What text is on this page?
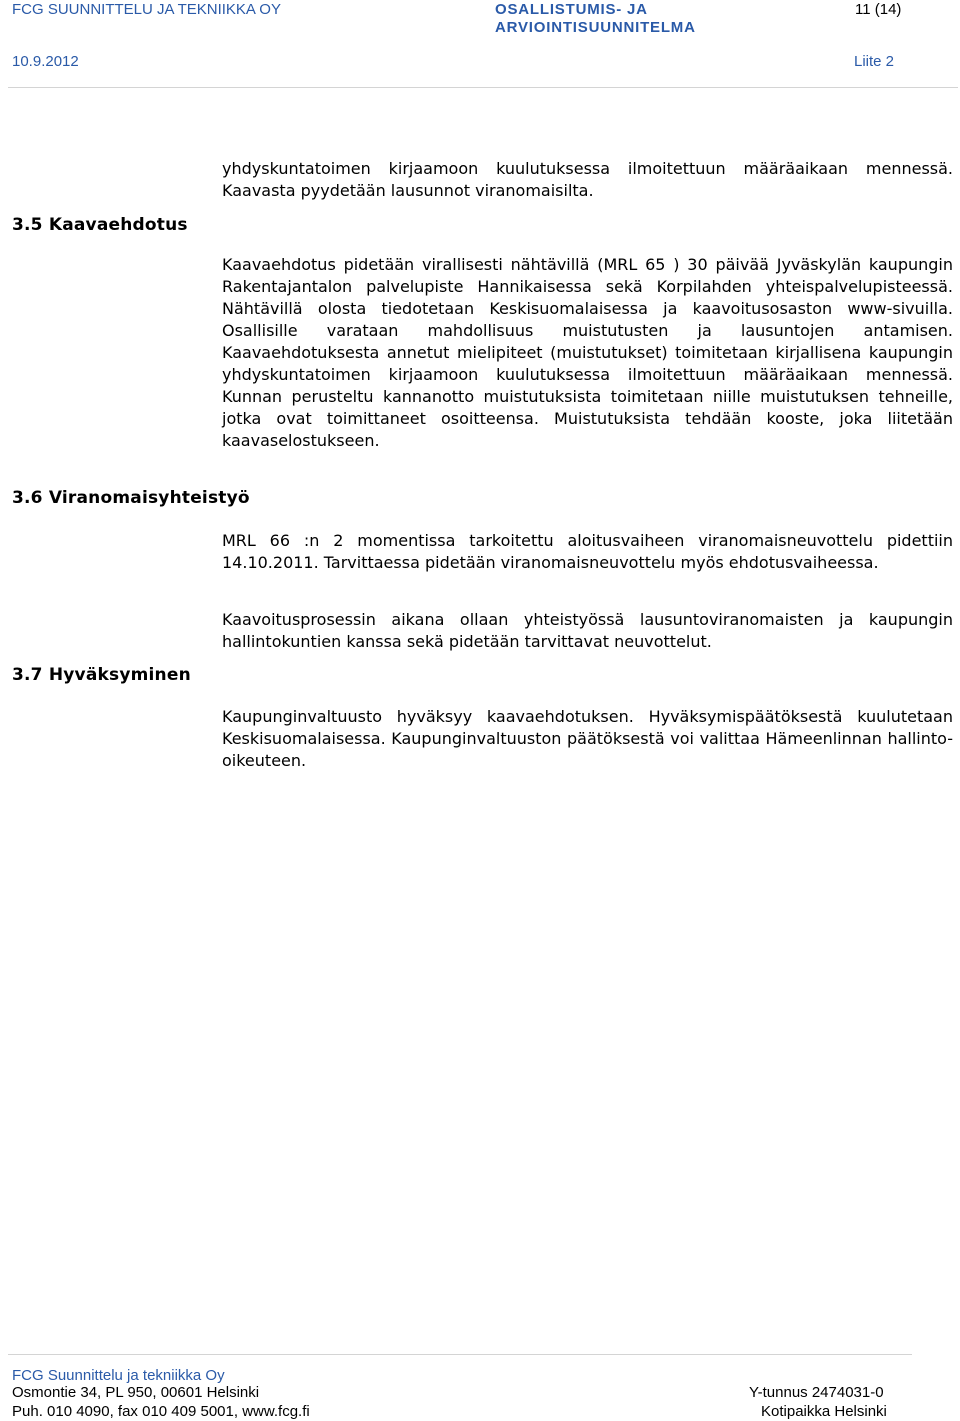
FCG SUUNNITTELU JA TEKNIIKKA OY	OSALLISTUMIS- JA
ARVIOINTISUUNNITELMA
11 (14)
10.9.2012	Liite 2

yhdyskuntatoimen kirjaamoon kuulutuksessa ilmoitettuun määräaikaan mennessä. Kaavasta pyydetään lausunnot viranomaisilta.

3.5 Kaavaehdotus

Kaavaehdotus pidetään virallisesti nähtävillä (MRL 65 ) 30 päivää Jyväskylän kaupungin Rakentajantalon palvelupiste Hannikaisessa sekä Korpilahden yhteispalvelupisteessä. Nähtävillä olosta tiedotetaan Keskisuomalaisessa ja kaavoitusosaston www-sivuilla. Osallisille varataan mahdollisuus muistutusten ja lausuntojen antamisen. Kaavaehdotuksesta annetut mielipiteet (muistutukset) toimitetaan kirjallisena kaupungin yhdyskuntatoimen kirjaamoon kuulutuksessa ilmoitettuun määräaikaan mennessä. Kunnan perusteltu kannanotto muistutuksista toimitetaan niille muistutuksen tehneille, jotka ovat toimittaneet osoitteensa. Muistutuksista tehdään kooste, joka liitetään kaavaselostukseen.

3.6 Viranomaisyhteistyö

MRL 66 :n 2 momentissa tarkoitettu aloitusvaiheen viranomaisneuvottelu pidettiin 14.10.2011. Tarvittaessa pidetään viranomaisneuvottelu myös ehdotusvaiheessa.

Kaavoitusprosessin aikana ollaan yhteistyössä lausuntoviranomaisten ja kaupungin hallintokuntien kanssa sekä pidetään tarvittavat neuvottelut.

3.7 Hyväksyminen

Kaupunginvaltuusto hyväksyy kaavaehdotuksen. Hyväksymispäätöksestä kuulutetaan Keskisuomalaisessa. Kaupunginvaltuuston päätöksestä voi valittaa Hämeenlinnan hallinto-oikeuteen.

FCG Suunnittelu ja tekniikka Oy
Osmontie 34, PL 950, 00601 Helsinki
Puh. 010 4090, fax 010 409 5001, www.fcg.fi
Y-tunnus 2474031-0
Kotipaikka Helsinki
